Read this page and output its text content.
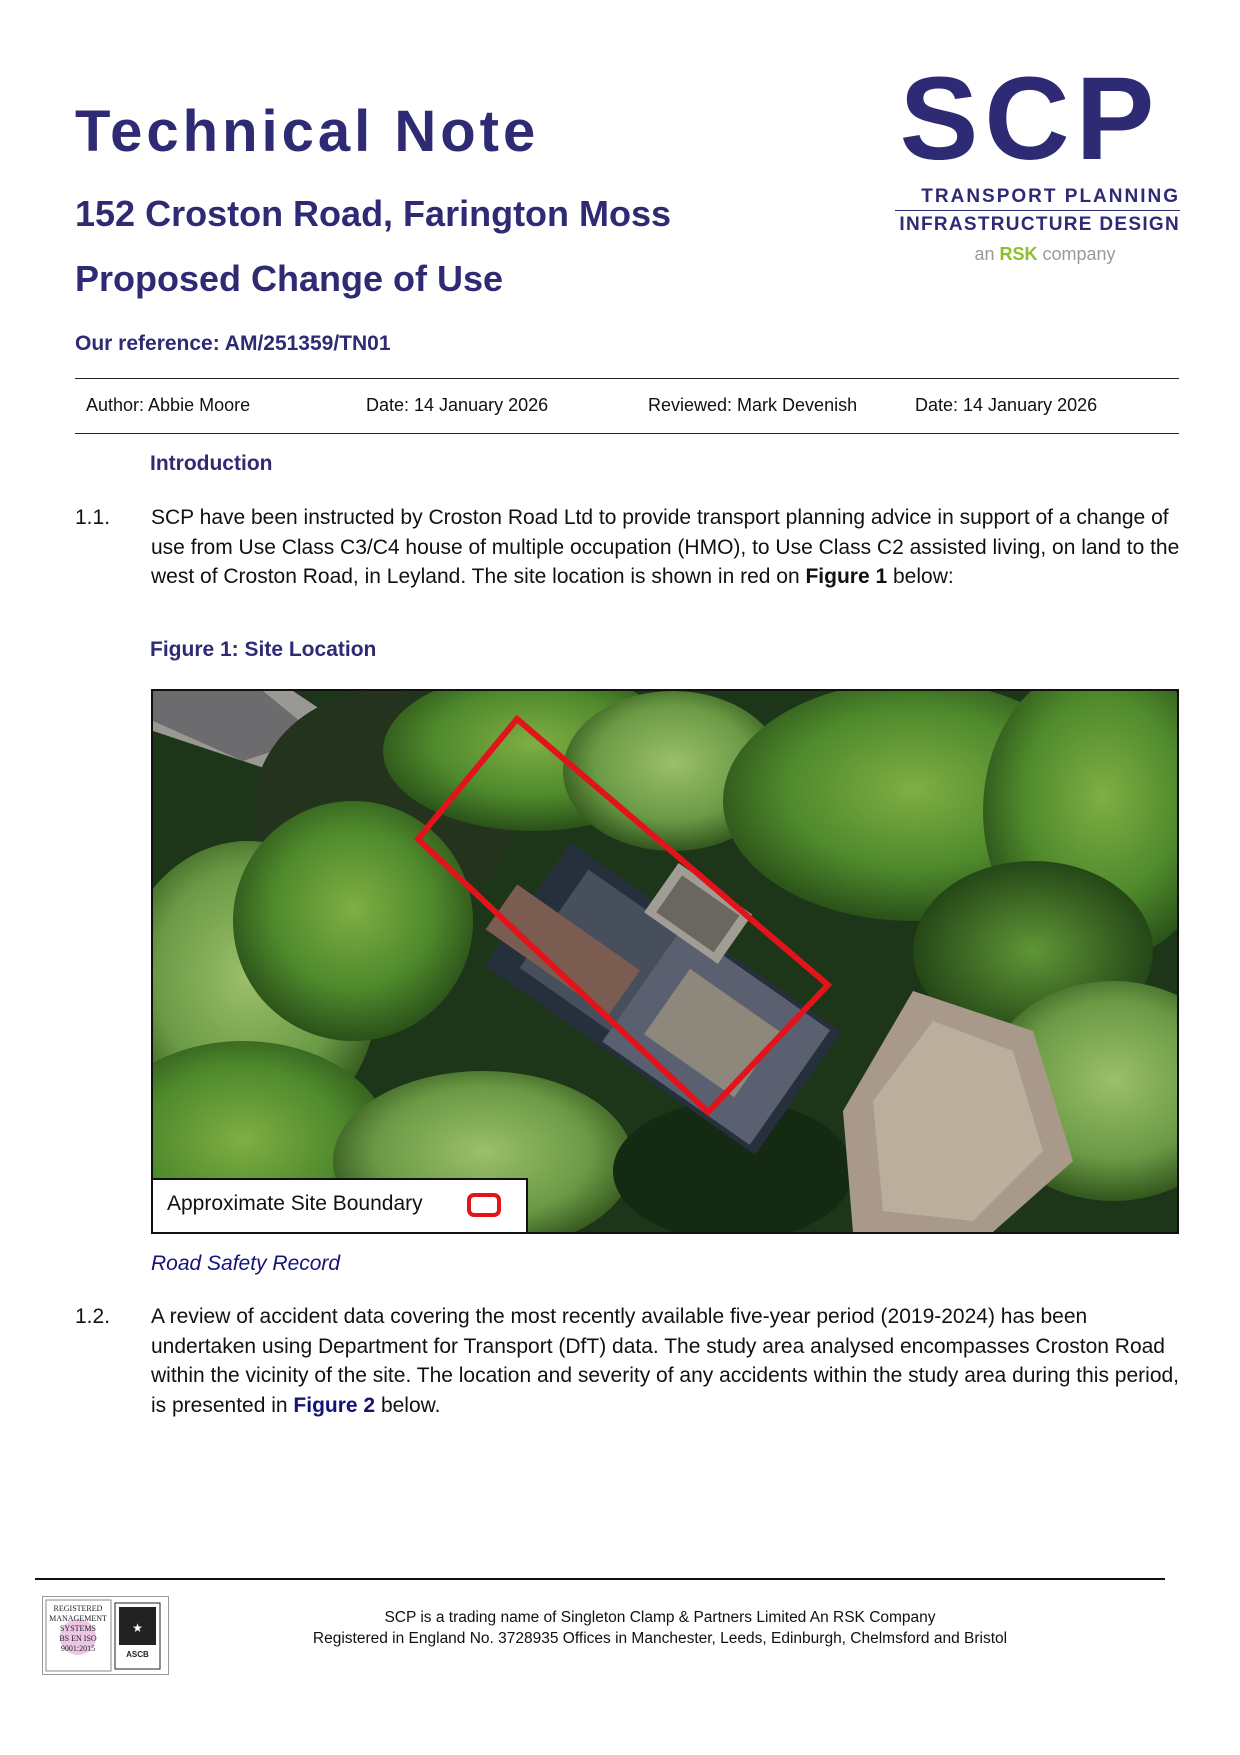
Technical Note
152 Croston Road, Farington Moss
Proposed Change of Use
Our reference: AM/251359/TN01
SCP
TRANSPORT PLANNING
INFRASTRUCTURE DESIGN
an RSK company
Author: Abbie Moore	Date: 14 January 2026	Reviewed: Mark Devenish	Date: 14 January 2026
Introduction
1.1. SCP have been instructed by Croston Road Ltd to provide transport planning advice in support of a change of use from Use Class C3/C4 house of multiple occupation (HMO), to Use Class C2 assisted living, on land to the west of Croston Road, in Leyland. The site location is shown in red on Figure 1 below:

Figure 1: Site Location
Approximate Site Boundary
Road Safety Record
1.2. A review of accident data covering the most recently available five-year period (2019-2024) has been undertaken using Department for Transport (DfT) data. The study area analysed encompasses Croston Road within the vicinity of the site. The location and severity of any accidents within the study area during this period, is presented in Figure 2 below.

REGISTERED
MANAGEMENT
SYSTEMS
BS EN ISO
9001:2015
★
ASCB
SCP is a trading name of Singleton Clamp & Partners Limited An RSK Company
Registered in England No. 3728935 Offices in Manchester, Leeds, Edinburgh, Chelmsford and Bristol
